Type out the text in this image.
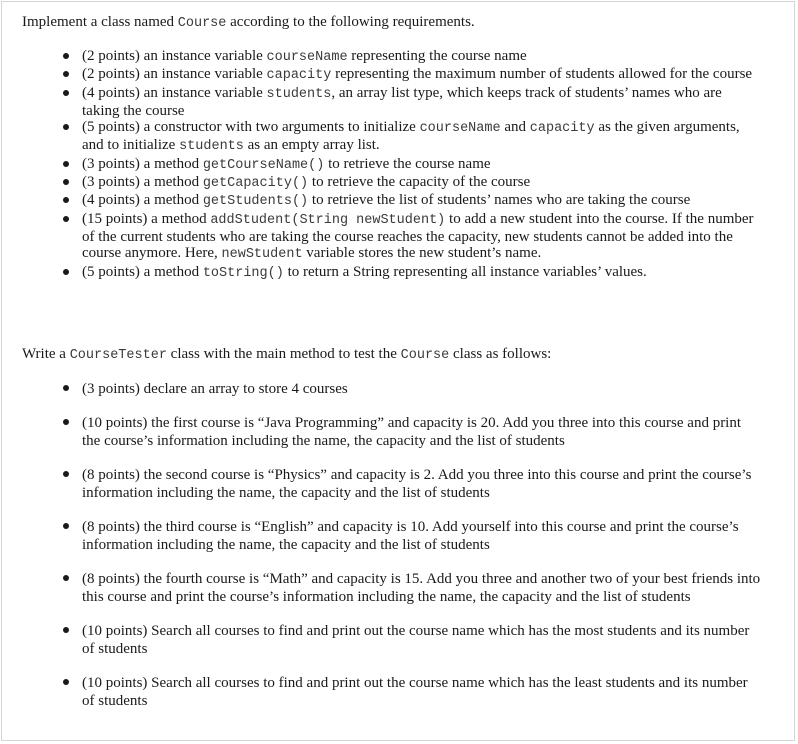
Implement a class named Course according to the following requirements.

(2 points) an instance variable courseName representing the course name
(2 points) an instance variable capacity representing the maximum number of students allowed for the course
(4 points) an instance variable students, an array list type, which keeps track of students’ names who are taking the course
(5 points) a constructor with two arguments to initialize courseName and capacity as the given arguments, and to initialize students as an empty array list.
(3 points) a method getCourseName() to retrieve the course name
(3 points) a method getCapacity() to retrieve the capacity of the course
(4 points) a method getStudents() to retrieve the list of students’ names who are taking the course
(15 points) a method addStudent(String newStudent) to add a new student into the course. If the number of the current students who are taking the course reaches the capacity, new students cannot be added into the course anymore. Here, newStudent variable stores the new student’s name.
(5 points) a method toString() to return a String representing all instance variables’ values.

Write a CourseTester class with the main method to test the Course class as follows:

(3 points) declare an array to store 4 courses
(10 points) the first course is “Java Programming” and capacity is 20. Add you three into this course and print the course’s information including the name, the capacity and the list of students
(8 points) the second course is “Physics” and capacity is 2. Add you three into this course and print the course’s information including the name, the capacity and the list of students
(8 points) the third course is “English” and capacity is 10. Add yourself into this course and print the course’s information including the name, the capacity and the list of students
(8 points) the fourth course is “Math” and capacity is 15. Add you three and another two of your best friends into this course and print the course’s information including the name, the capacity and the list of students
(10 points) Search all courses to find and print out the course name which has the most students and its number of students
(10 points) Search all courses to find and print out the course name which has the least students and its number of students
